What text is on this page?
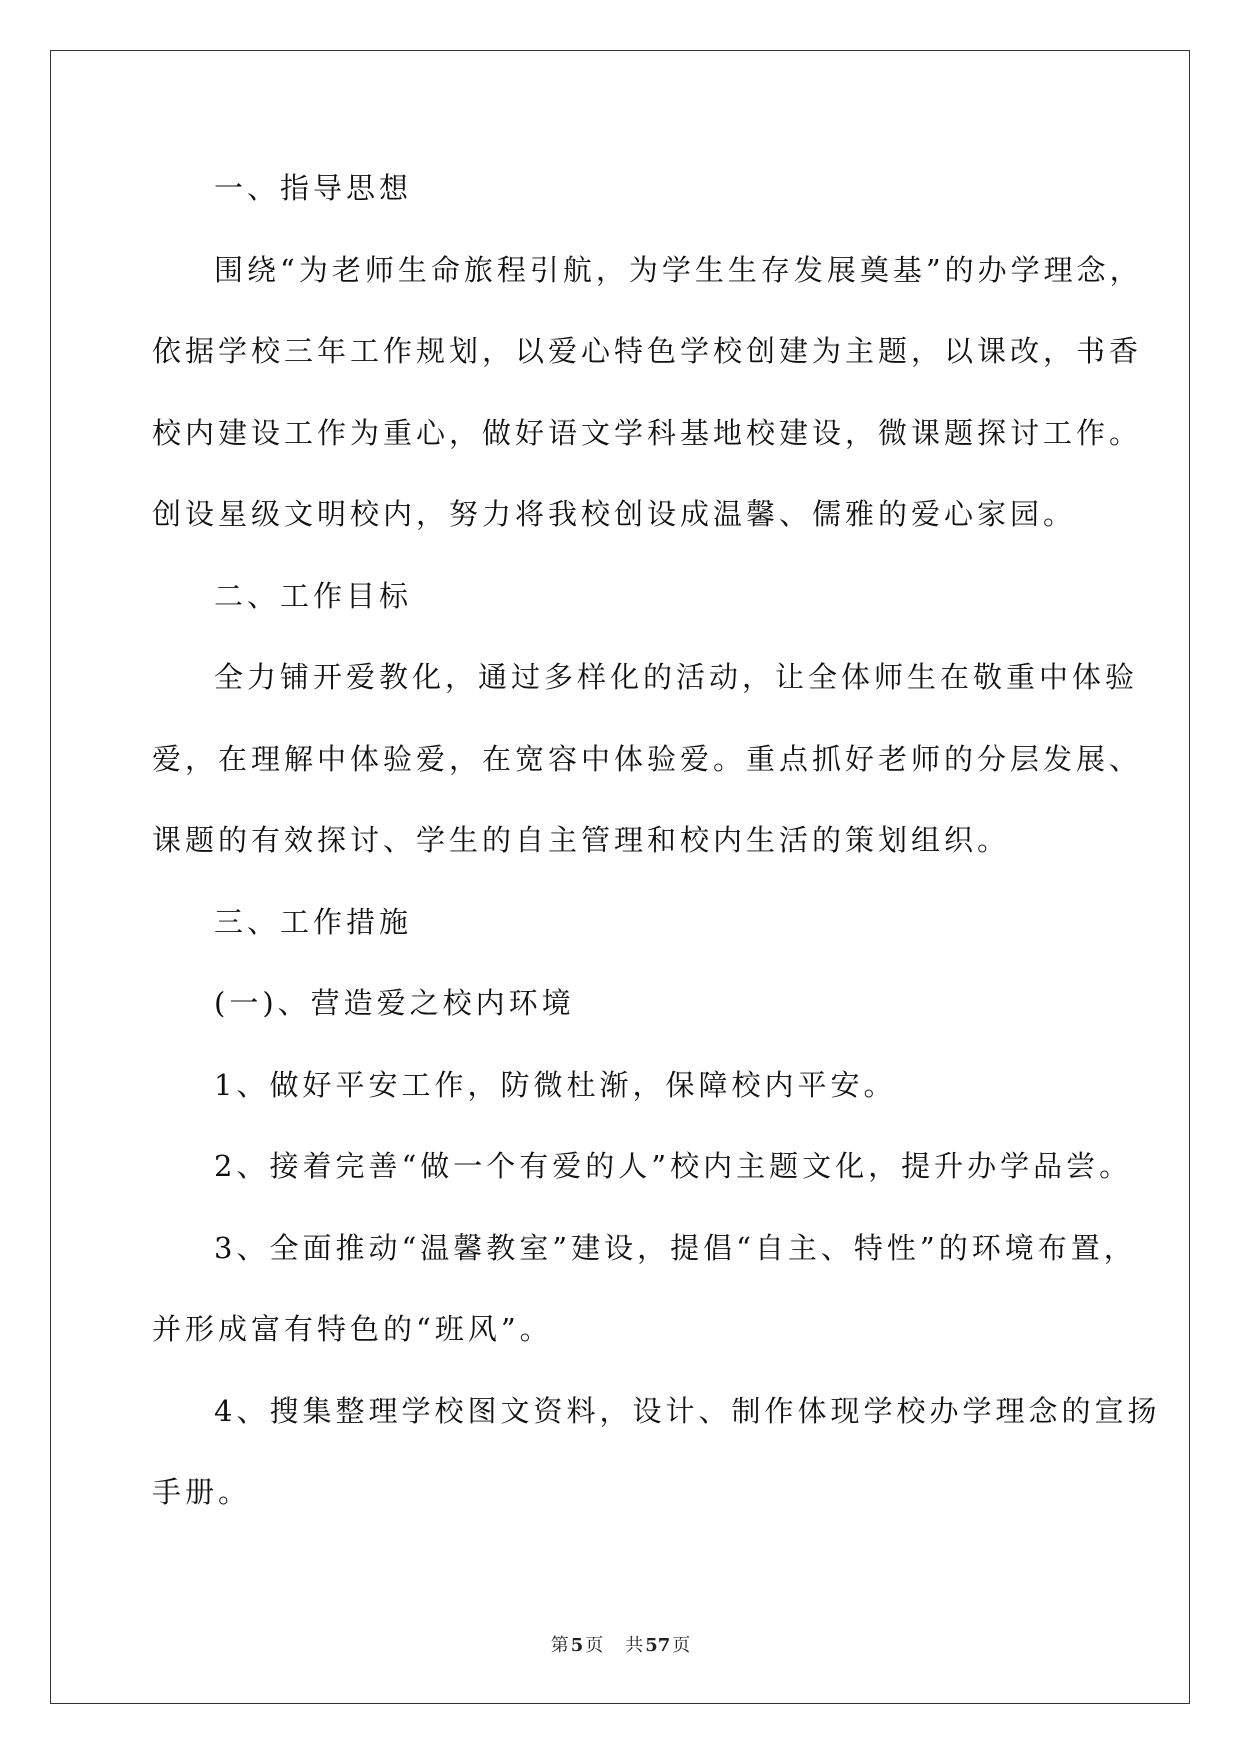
一、指导思想
围绕“为老师生命旅程引航，为学生生存发展奠基”的办学理念，
依据学校三年工作规划，以爱心特色学校创建为主题，以课改，书香
校内建设工作为重心，做好语文学科基地校建设，微课题探讨工作。
创设星级文明校内，努力将我校创设成温馨、儒雅的爱心家园。
二、工作目标
全力铺开爱教化，通过多样化的活动，让全体师生在敬重中体验
爱，在理解中体验爱，在宽容中体验爱。重点抓好老师的分层发展、
课题的有效探讨、学生的自主管理和校内生活的策划组织。
三、工作措施
(一)、营造爱之校内环境
1、做好平安工作，防微杜渐，保障校内平安。
2、接着完善“做一个有爱的人”校内主题文化，提升办学品尝。
3、全面推动“温馨教室”建设，提倡“自主、特性”的环境布置，
并形成富有特色的“班风”。
4、搜集整理学校图文资料，设计、制作体现学校办学理念的宣扬
手册。
第 5 页 共 57 页
